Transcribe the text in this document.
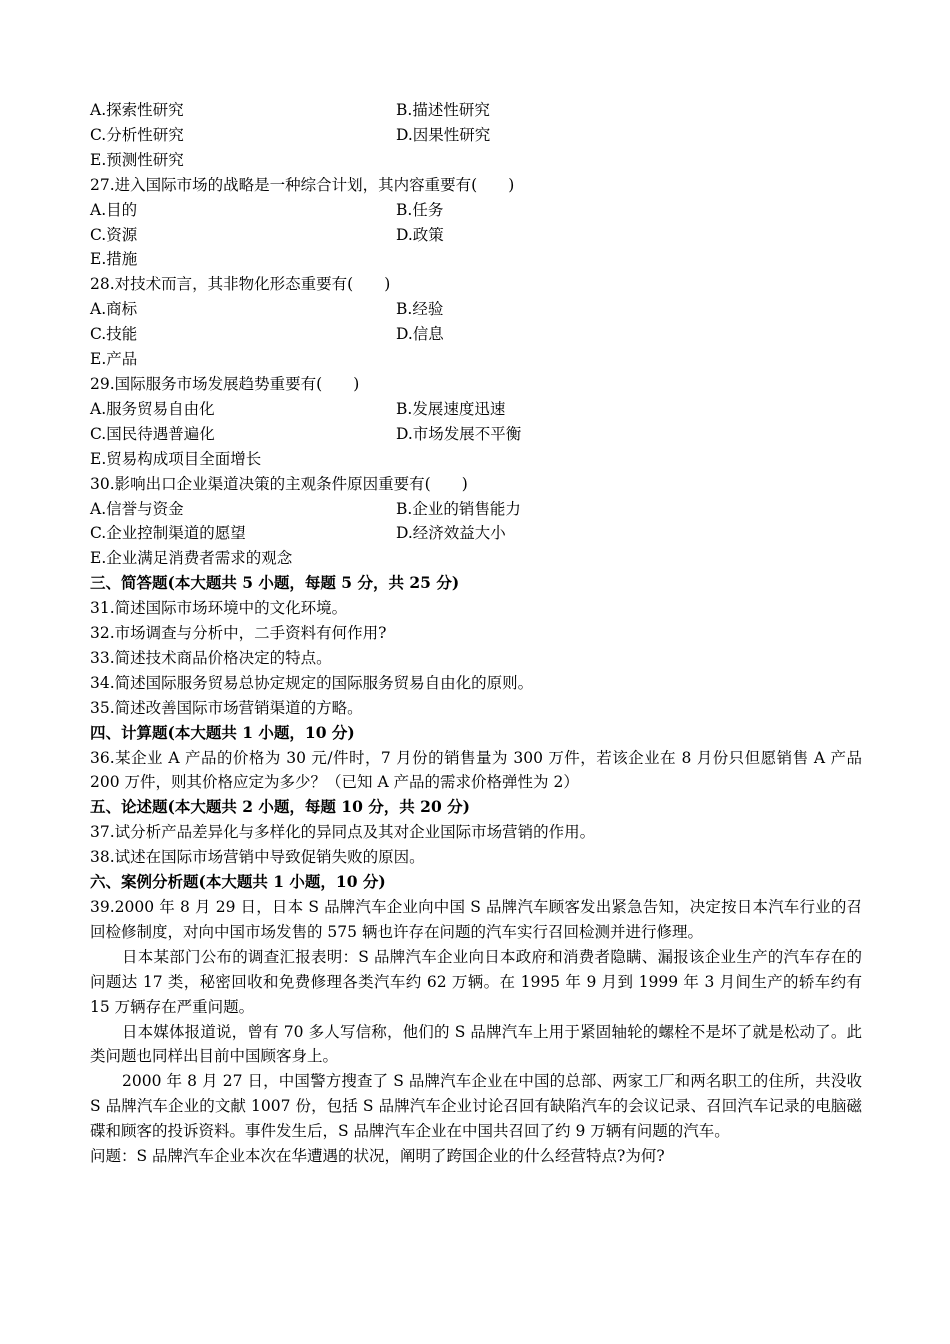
A.探索性研究	B.描述性研究
C.分析性研究	D.因果性研究
E.预测性研究
27.进入国际市场的战略是一种综合计划，其内容重要有(　　)
A.目的	B.任务
C.资源	D.政策
E.措施
28.对技术而言，其非物化形态重要有(　　)
A.商标	B.经验
C.技能	D.信息
E.产品
29.国际服务市场发展趋势重要有(　　)
A.服务贸易自由化	B.发展速度迅速
C.国民待遇普遍化	D.市场发展不平衡
E.贸易构成项目全面增长
30.影响出口企业渠道决策的主观条件原因重要有(　　)
A.信誉与资金	B.企业的销售能力
C.企业控制渠道的愿望	D.经济效益大小
E.企业满足消费者需求的观念
三、简答题(本大题共 5 小题，每题 5 分，共 25 分)
31.简述国际市场环境中的文化环境。
32.市场调查与分析中，二手资料有何作用?
33.简述技术商品价格决定的特点。
34.简述国际服务贸易总协定规定的国际服务贸易自由化的原则。
35.简述改善国际市场营销渠道的方略。
四、计算题(本大题共 1 小题，10 分)
36.某企业 A 产品的价格为 30 元/件时，7 月份的销售量为 300 万件，若该企业在 8 月份只但愿销售 A 产品 200 万件，则其价格应定为多少？（已知 A 产品的需求价格弹性为 2）
五、论述题(本大题共 2 小题，每题 10 分，共 20 分)
37.试分析产品差异化与多样化的异同点及其对企业国际市场营销的作用。
38.试述在国际市场营销中导致促销失败的原因。
六、案例分析题(本大题共 1 小题，10 分)
39.2000 年 8 月 29 日，日本 S 品牌汽车企业向中国 S 品牌汽车顾客发出紧急告知，决定按日本汽车行业的召回检修制度，对向中国市场发售的 575 辆也许存在问题的汽车实行召回检测并进行修理。
日本某部门公布的调查汇报表明：S 品牌汽车企业向日本政府和消费者隐瞒、漏报该企业生产的汽车存在的问题达 17 类，秘密回收和免费修理各类汽车约 62 万辆。在 1995 年 9 月到 1999 年 3 月间生产的轿车约有 15 万辆存在严重问题。
日本媒体报道说，曾有 70 多人写信称，他们的 S 品牌汽车上用于紧固轴轮的螺栓不是坏了就是松动了。此类问题也同样出目前中国顾客身上。
2000 年 8 月 27 日，中国警方搜查了 S 品牌汽车企业在中国的总部、两家工厂和两名职工的住所，共没收 S 品牌汽车企业的文献 1007 份，包括 S 品牌汽车企业讨论召回有缺陷汽车的会议记录、召回汽车记录的电脑磁碟和顾客的投诉资料。事件发生后，S 品牌汽车企业在中国共召回了约 9 万辆有问题的汽车。
问题：S 品牌汽车企业本次在华遭遇的状况，阐明了跨国企业的什么经营特点?为何?
